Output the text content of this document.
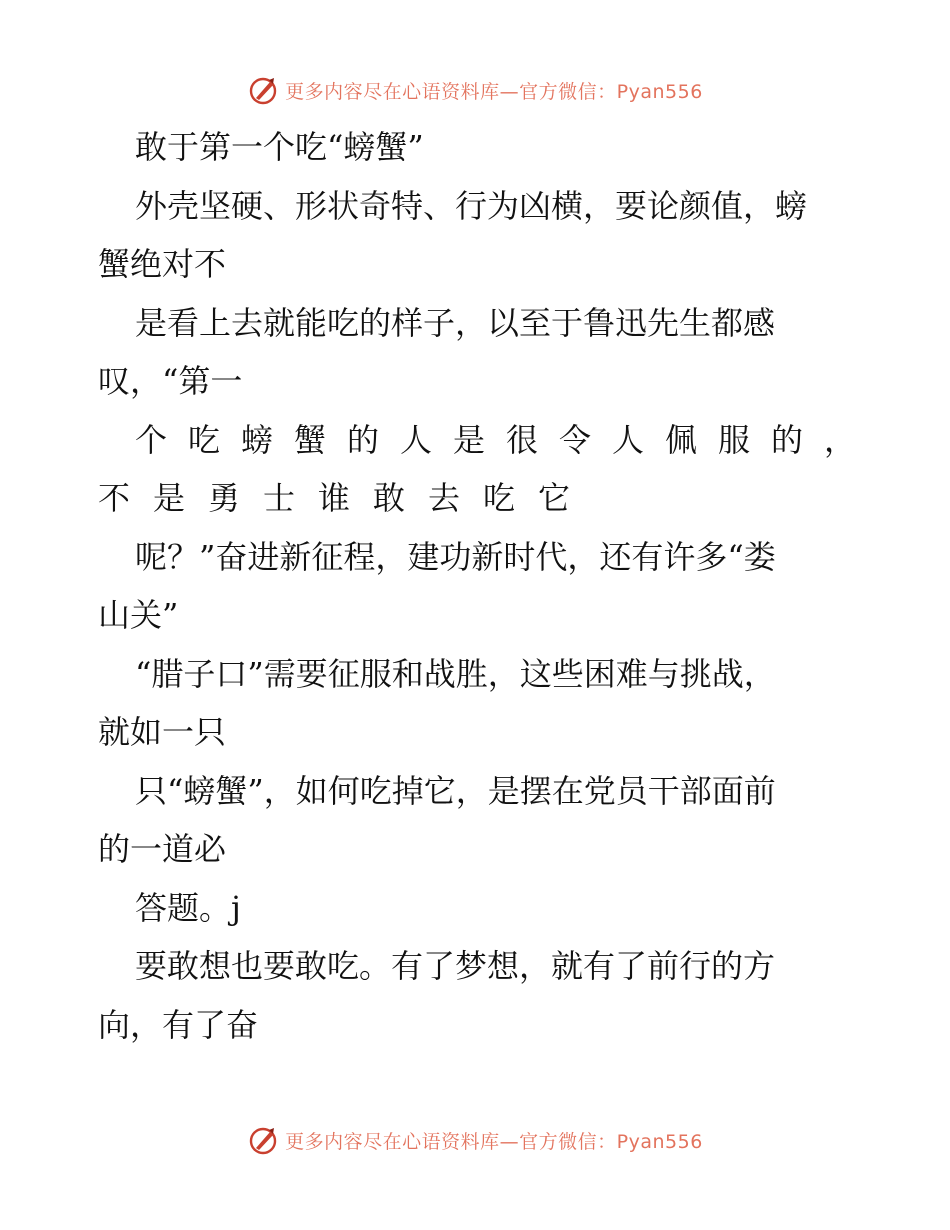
更多内容尽在心语资料库—官方微信：Pyan556
敢于第一个吃“螃蟹”
外壳坚硬、形状奇特、行为凶横，要论颜值，螃
蟹绝对不
是看上去就能吃的样子，以至于鲁迅先生都感
叹，“第一
个吃螃蟹的人是很令人佩服的，
不是勇士谁敢去吃它
呢？”奋进新征程，建功新时代，还有许多“娄
山关”
“腊子口”需要征服和战胜，这些困难与挑战，
就如一只
只“螃蟹”，如何吃掉它，是摆在党员干部面前
的一道必
答题。j
要敢想也要敢吃。有了梦想，就有了前行的方
向，有了奋
更多内容尽在心语资料库—官方微信：Pyan556
